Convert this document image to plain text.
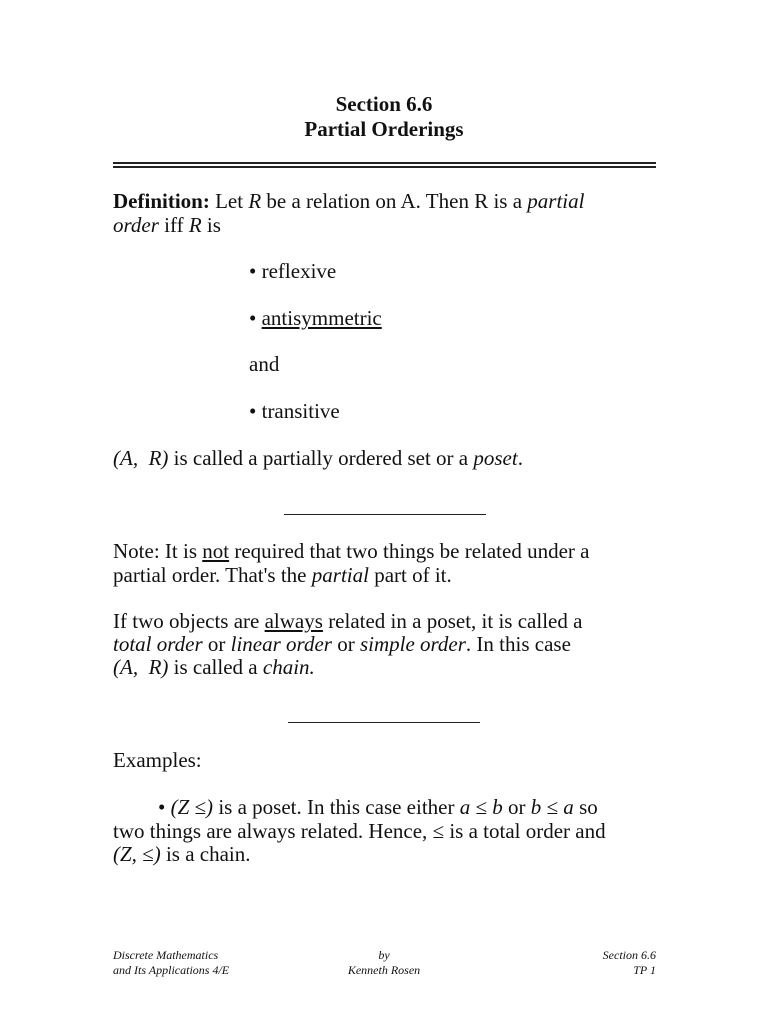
Section 6.6
Partial Orderings
Definition: Let R be a relation on A. Then R is a partial
order iff R is
• reflexive
• antisymmetric
and
• transitive
(A,  R) is called a partially ordered set or a poset.
Note: It is not required that two things be related under a
partial order. That's the partial part of it.
If two objects are always related in a poset, it is called a
total order or linear order or simple order. In this case
(A,  R) is called a chain.
Examples:
• (Z ≤) is a poset. In this case either a ≤ b or b ≤ a so
two things are always related. Hence, ≤ is a total order and
(Z, ≤) is a chain.
Discrete Mathematics
and Its Applications 4/E
by
Kenneth Rosen
Section 6.6
TP 1
